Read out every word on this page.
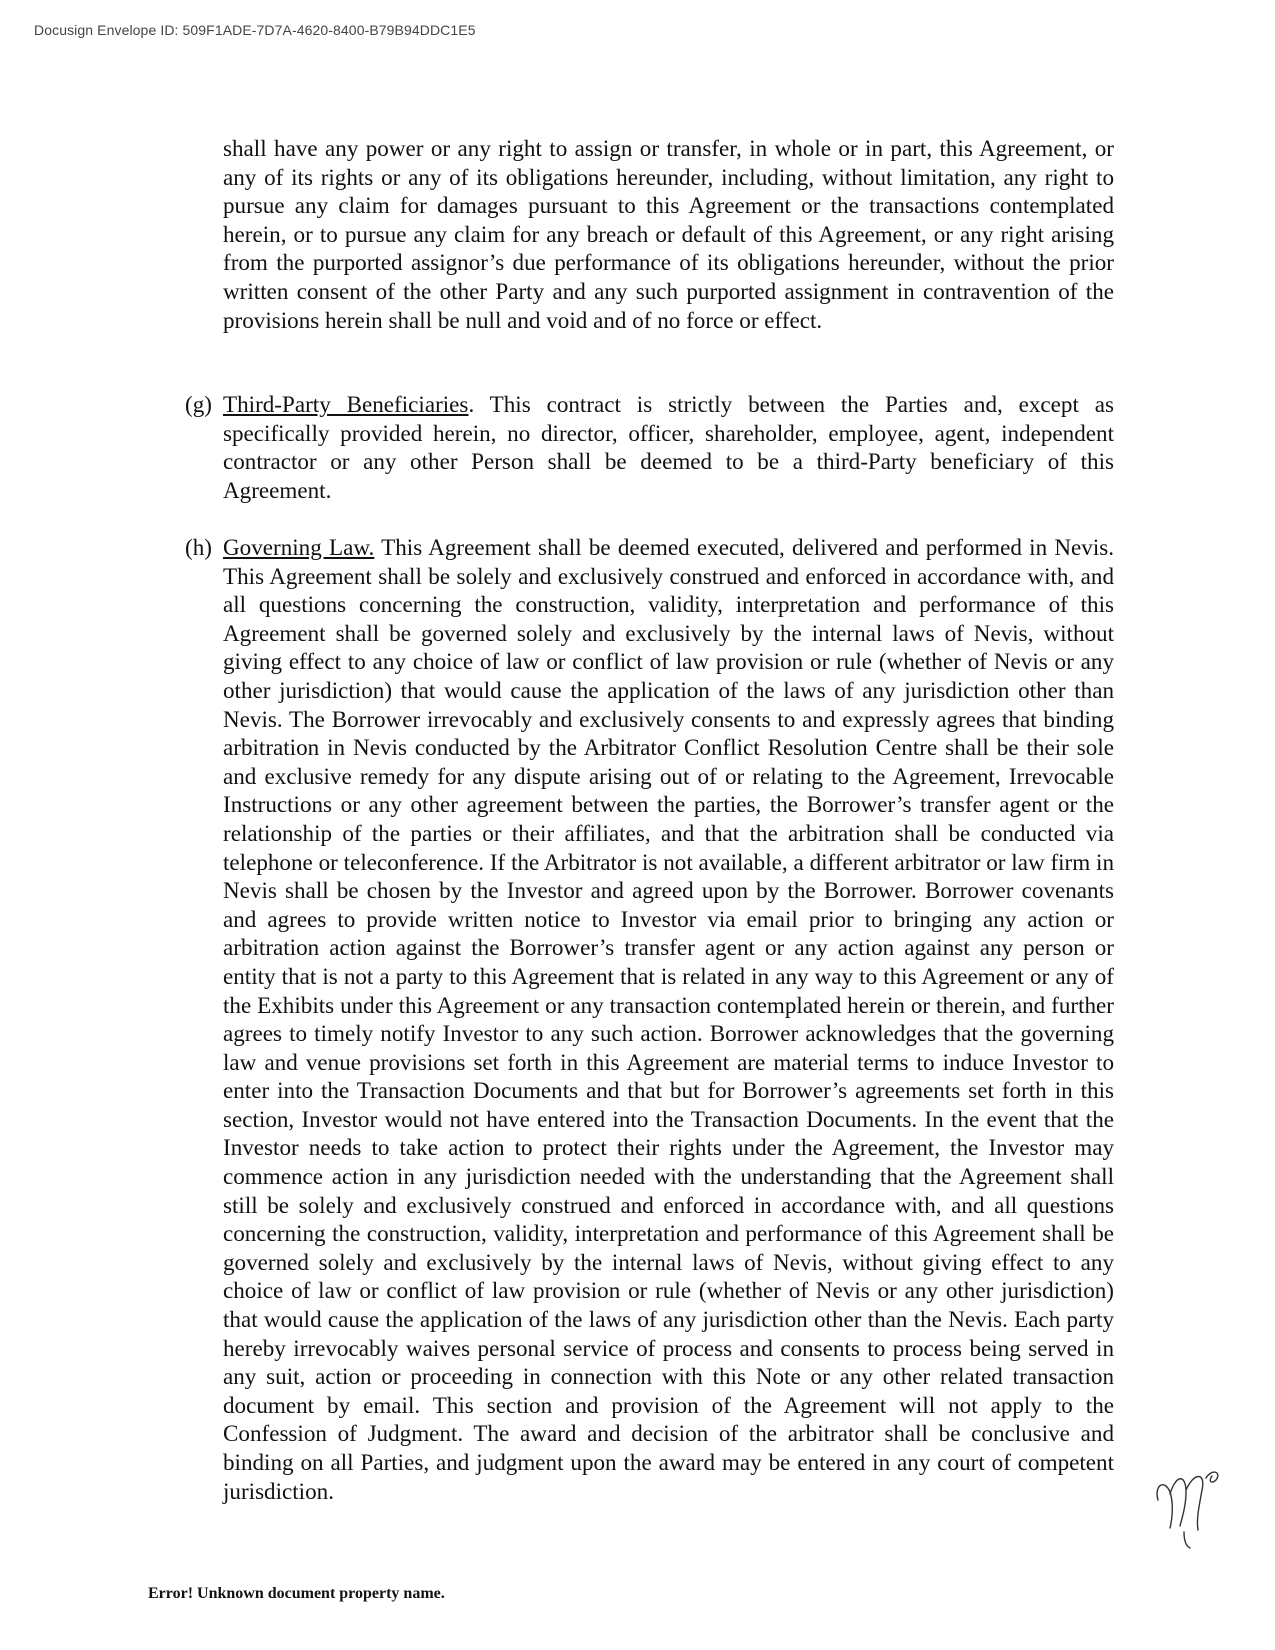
Docusign Envelope ID: 509F1ADE-7D7A-4620-8400-B79B94DDC1E5
shall have any power or any right to assign or transfer, in whole or in part, this Agreement, or any of its rights or any of its obligations hereunder, including, without limitation, any right to pursue any claim for damages pursuant to this Agreement or the transactions contemplated herein, or to pursue any claim for any breach or default of this Agreement, or any right arising from the purported assignor’s due performance of its obligations hereunder, without the prior written consent of the other Party and any such purported assignment in contravention of the provisions herein shall be null and void and of no force or effect.
(g) Third-Party Beneficiaries. This contract is strictly between the Parties and, except as specifically provided herein, no director, officer, shareholder, employee, agent, independent contractor or any other Person shall be deemed to be a third-Party beneficiary of this Agreement.
(h) Governing Law. This Agreement shall be deemed executed, delivered and performed in Nevis. This Agreement shall be solely and exclusively construed and enforced in accordance with, and all questions concerning the construction, validity, interpretation and performance of this Agreement shall be governed solely and exclusively by the internal laws of Nevis, without giving effect to any choice of law or conflict of law provision or rule (whether of Nevis or any other jurisdiction) that would cause the application of the laws of any jurisdiction other than Nevis. The Borrower irrevocably and exclusively consents to and expressly agrees that binding arbitration in Nevis conducted by the Arbitrator Conflict Resolution Centre shall be their sole and exclusive remedy for any dispute arising out of or relating to the Agreement, Irrevocable Instructions or any other agreement between the parties, the Borrower’s transfer agent or the relationship of the parties or their affiliates, and that the arbitration shall be conducted via telephone or teleconference. If the Arbitrator is not available, a different arbitrator or law firm in Nevis shall be chosen by the Investor and agreed upon by the Borrower. Borrower covenants and agrees to provide written notice to Investor via email prior to bringing any action or arbitration action against the Borrower’s transfer agent or any action against any person or entity that is not a party to this Agreement that is related in any way to this Agreement or any of the Exhibits under this Agreement or any transaction contemplated herein or therein, and further agrees to timely notify Investor to any such action. Borrower acknowledges that the governing law and venue provisions set forth in this Agreement are material terms to induce Investor to enter into the Transaction Documents and that but for Borrower’s agreements set forth in this section, Investor would not have entered into the Transaction Documents. In the event that the Investor needs to take action to protect their rights under the Agreement, the Investor may commence action in any jurisdiction needed with the understanding that the Agreement shall still be solely and exclusively construed and enforced in accordance with, and all questions concerning the construction, validity, interpretation and performance of this Agreement shall be governed solely and exclusively by the internal laws of Nevis, without giving effect to any choice of law or conflict of law provision or rule (whether of Nevis or any other jurisdiction) that would cause the application of the laws of any jurisdiction other than the Nevis. Each party hereby irrevocably waives personal service of process and consents to process being served in any suit, action or proceeding in connection with this Note or any other related transaction document by email. This section and provision of the Agreement will not apply to the Confession of Judgment. The award and decision of the arbitrator shall be conclusive and binding on all Parties, and judgment upon the award may be entered in any court of competent jurisdiction.
Error! Unknown document property name.
